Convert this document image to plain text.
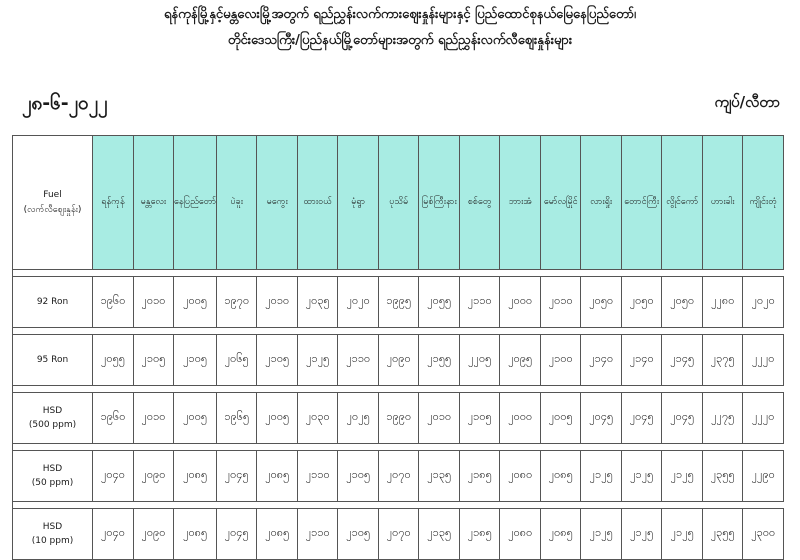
ရန်ကုန်မြို့နှင့်မန္တလေးမြို့အတွက် ရည်ညွှန်းလက်ကားဈေးနှုန်းများနှင့် ပြည်ထောင်စုနယ်မြေနေပြည်တော်၊
တိုင်းဒေသကြီး/ပြည်နယ်မြို့တော်များအတွက် ရည်ညွှန်းလက်လီဈေးနှုန်းများ
၂၈-၆-၂၀၂၂	ကျပ်/လီတာ
Fuel
(လက်လီဈေးနှုန်း)	ရန်ကုန်	မန္တလေး	နေပြည်တော်	ပဲခူး	မကွေး	ထားဝယ်	မုံရွာ	ပုသိမ်	မြစ်ကြီးနား	စစ်တွေ	ဘားအံ	မော်လမြိုင်	လားရှိုး	တောင်ကြီး	လွိုင်ကော်	ဟားခါး	ကျိုင်းတုံ

92 Ron	၁၉၆၀	၂၀၁၀	၂၀၀၅	၁၉၇၀	၂၀၁၀	၂၀၃၅	၂၀၂၀	၁၉၉၅	၂၀၅၅	၂၁၁၀	၂၀၀၀	၂၀၁၀	၂၀၅၀	၂၀၅၀	၂၀၅၀	၂၂၈၀	၂၀၂၀

95 Ron	၂၀၅၅	၂၁၀၅	၂၁၀၅	၂၀၆၅	၂၁၀၅	၂၁၂၅	၂၁၁၀	၂၀၉၀	၂၁၅၅	၂၂၀၅	၂၀၉၅	၂၁၀၀	၂၁၄၀	၂၁၄၀	၂၁၄၅	၂၃၇၅	၂၂၂၀

HSD
(500 ppm)	၁၉၆၀	၂၀၁၀	၂၀၀၅	၁၉၆၅	၂၀၀၅	၂၀၃၀	၂၀၂၅	၁၉၉၀	၂၀၁၀	၂၁၀၅	၂၀၀၀	၂၀၀၅	၂၀၄၅	၂၀၄၅	၂၀၄၅	၂၂၇၅	၂၂၂၀

HSD
(50 ppm)	၂၀၄၀	၂၀၉၀	၂၀၈၅	၂၀၄၅	၂၀၈၅	၂၁၁၀	၂၁၀၅	၂၀၇၀	၂၁၃၅	၂၁၈၅	၂၀၈၀	၂၀၈၅	၂၁၂၅	၂၁၂၅	၂၁၂၅	၂၃၅၅	၂၂၉၀

HSD
(10 ppm)	၂၀၄၀	၂၀၉၀	၂၀၈၅	၂၀၄၅	၂၀၈၅	၂၁၁၀	၂၁၀၅	၂၀၇၀	၂၁၃၅	၂၁၈၅	၂၀၈၀	၂၀၈၅	၂၁၂၅	၂၁၂၅	၂၁၂၅	၂၃၅၅	၂၃၀၀
